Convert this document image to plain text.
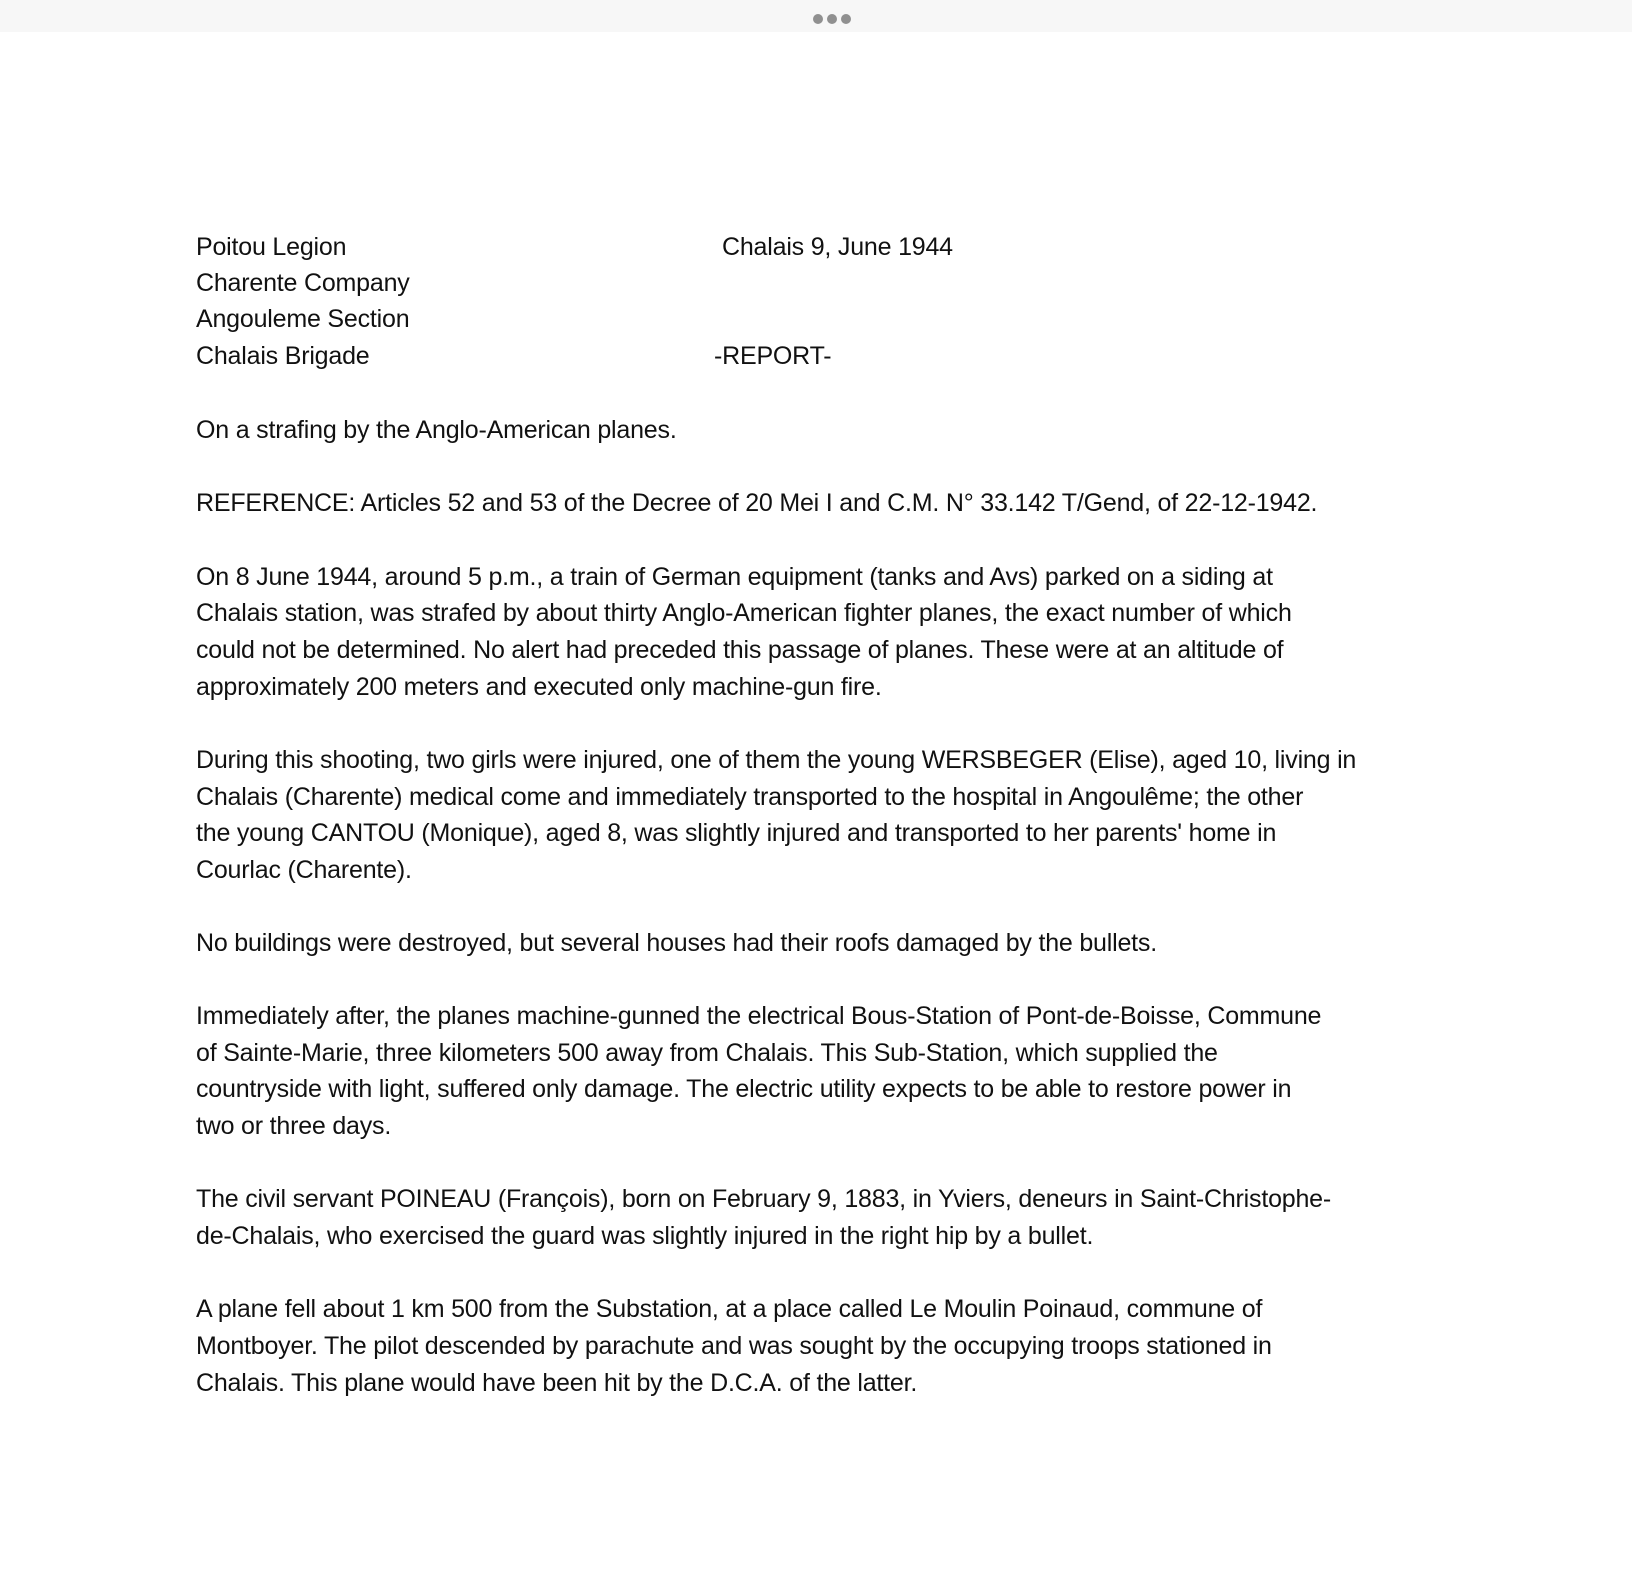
Poitou Legion
Charente Company
Angouleme Section
Chalais Brigade
Chalais 9, June 1944
-REPORT-
On a strafing by the Anglo-American planes.
REFERENCE: Articles 52 and 53 of the Decree of 20 Mei I and C.M. N° 33.142 T/Gend, of 22-12-1942.
On 8 June 1944, around 5 p.m., a train of German equipment (tanks and Avs) parked on a siding at
Chalais station, was strafed by about thirty Anglo-American fighter planes, the exact number of which
could not be determined. No alert had preceded this passage of planes. These were at an altitude of
approximately 200 meters and executed only machine-gun fire.
During this shooting, two girls were injured, one of them the young WERSBEGER (Elise), aged 10, living in
Chalais (Charente) medical come and immediately transported to the hospital in Angoulême; the other
the young CANTOU (Monique), aged 8, was slightly injured and transported to her parents' home in
Courlac (Charente).
No buildings were destroyed, but several houses had their roofs damaged by the bullets.
Immediately after, the planes machine-gunned the electrical Bous-Station of Pont-de-Boisse, Commune
of Sainte-Marie, three kilometers 500 away from Chalais. This Sub-Station, which supplied the
countryside with light, suffered only damage. The electric utility expects to be able to restore power in
two or three days.
The civil servant POINEAU (François), born on February 9, 1883, in Yviers, deneurs in Saint-Christophe-
de-Chalais, who exercised the guard was slightly injured in the right hip by a bullet.
A plane fell about 1 km 500 from the Substation, at a place called Le Moulin Poinaud, commune of
Montboyer. The pilot descended by parachute and was sought by the occupying troops stationed in
Chalais. This plane would have been hit by the D.C.A. of the latter.
